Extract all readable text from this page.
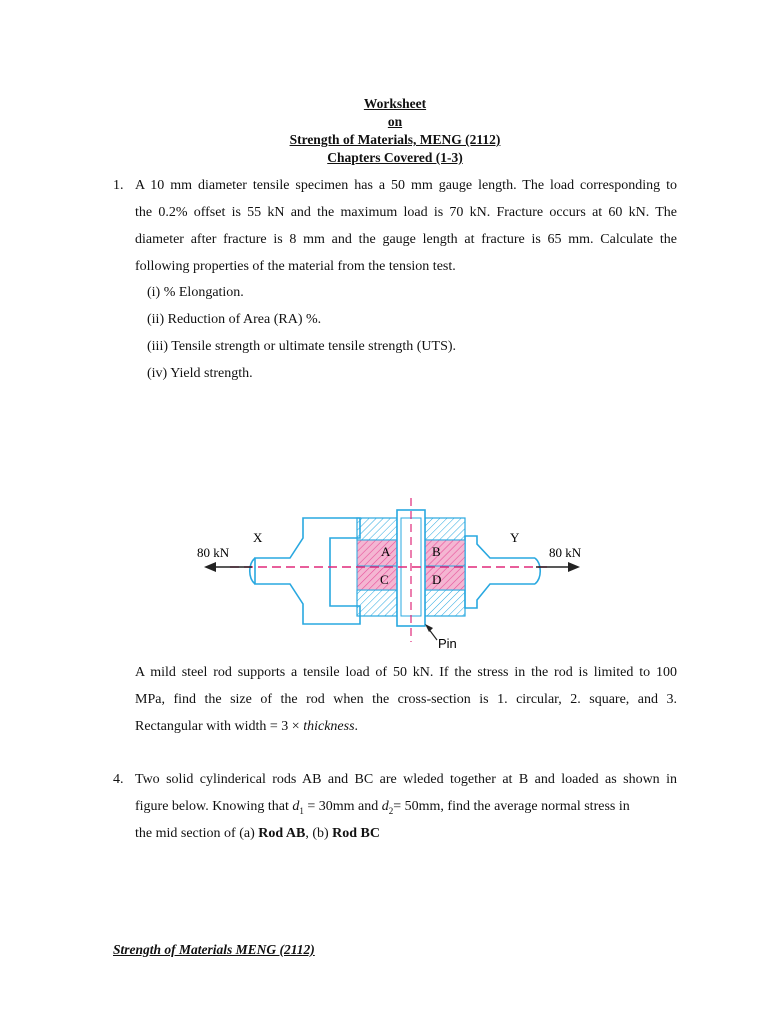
Worksheet
on
Strength of Materials, MENG (2112)
Chapters Covered (1-3)
1. A 10 mm diameter tensile specimen has a 50 mm gauge length. The load corresponding to
the 0.2% offset is 55 kN and the maximum load is 70 kN. Fracture occurs at 60 kN. The
diameter after fracture is 8 mm and the gauge length at fracture is 65 mm. Calculate the
following properties of the material from the tension test.
(i) % Elongation.
(ii) Reduction of Area (RA) %.
(iii) Tensile strength or ultimate tensile strength (UTS).
(iv) Yield strength.
80 kN	80 kN
X	Y
A	B
C	D
Pin
A mild steel rod supports a tensile load of 50 kN. If the stress in the rod is limited to 100
MPa, find the size of the rod when the cross-section is 1. circular, 2. square, and 3.
Rectangular with width = 3 × thickness.
4. Two solid cylinderical rods AB and BC are wleded together at B and loaded as shown in
figure below. Knowing that $d_1 = 30mm$ and $d_2= 50mm$, find the average normal stress in
the mid section of (a) Rod AB, (b) Rod BC
Strength of Materials MENG (2112)
